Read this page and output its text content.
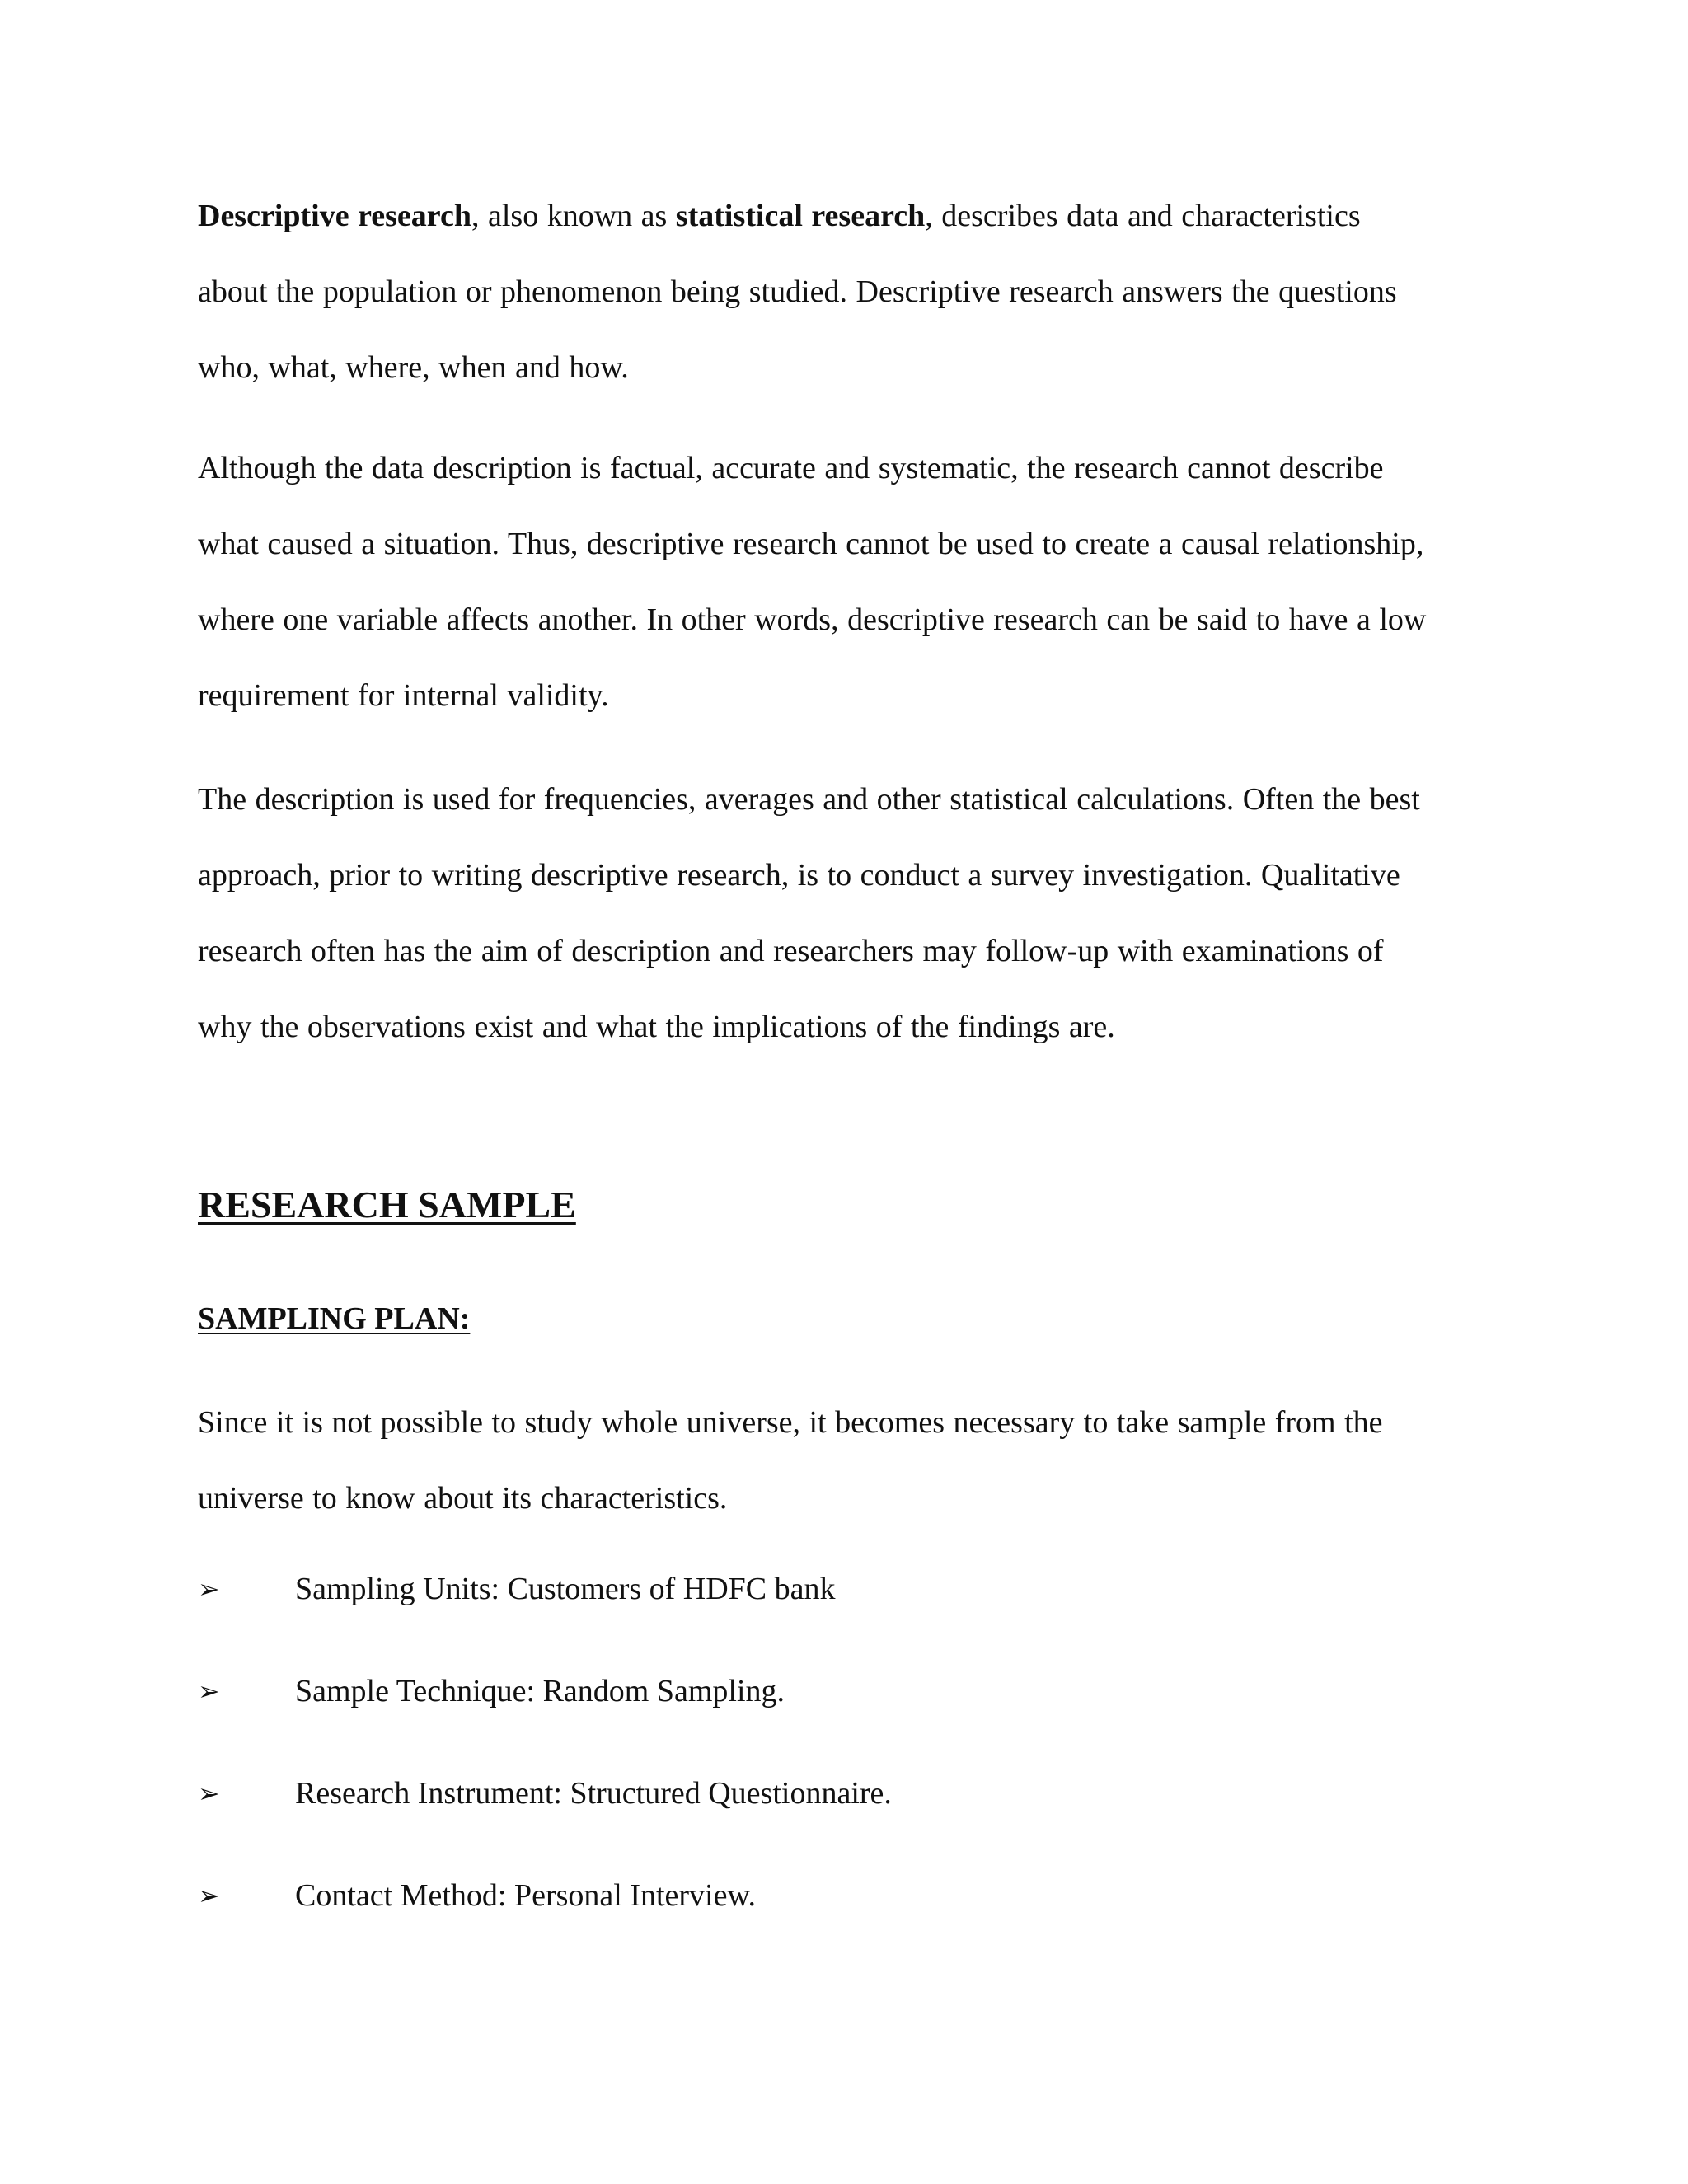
Descriptive research, also known as statistical research, describes data and characteristics
about the population or phenomenon being studied. Descriptive research answers the questions
who, what, where, when and how.

Although the data description is factual, accurate and systematic, the research cannot describe
what caused a situation. Thus, descriptive research cannot be used to create a causal relationship,
where one variable affects another. In other words, descriptive research can be said to have a low
requirement for internal validity.

The description is used for frequencies, averages and other statistical calculations. Often the best
approach, prior to writing descriptive research, is to conduct a survey investigation. Qualitative
research often has the aim of description and researchers may follow-up with examinations of
why the observations exist and what the implications of the findings are.

RESEARCH SAMPLE
SAMPLING PLAN:

Since it is not possible to study whole universe, it becomes necessary to take sample from the
universe to know about its characteristics.

➢	Sampling Units: Customers of HDFC bank
➢	Sample Technique: Random Sampling.
➢	Research Instrument: Structured Questionnaire.
➢	Contact Method: Personal Interview.
